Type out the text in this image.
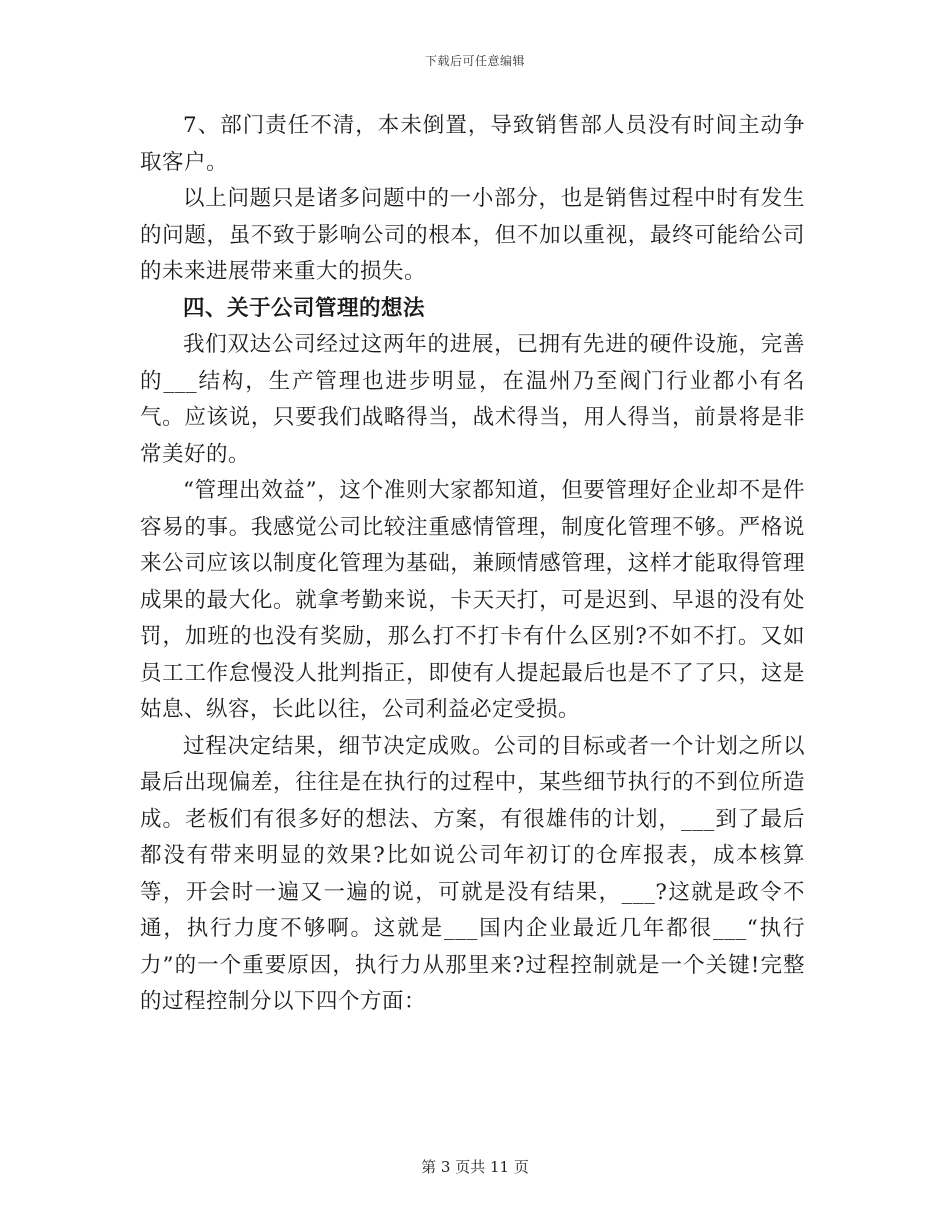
下载后可任意编辑

7、部门责任不清，本未倒置，导致销售部人员没有时间主动争取客户。

以上问题只是诸多问题中的一小部分，也是销售过程中时有发生的问题，虽不致于影响公司的根本，但不加以重视，最终可能给公司的未来进展带来重大的损失。

四、关于公司管理的想法

我们双达公司经过这两年的进展，已拥有先进的硬件设施，完善的___结构，生产管理也进步明显，在温州乃至阀门行业都小有名气。应该说，只要我们战略得当，战术得当，用人得当，前景将是非常美好的。

“管理出效益”，这个准则大家都知道，但要管理好企业却不是件容易的事。我感觉公司比较注重感情管理，制度化管理不够。严格说来公司应该以制度化管理为基础，兼顾情感管理，这样才能取得管理成果的最大化。就拿考勤来说，卡天天打，可是迟到、早退的没有处罚，加班的也没有奖励，那么打不打卡有什么区别?不如不打。又如员工工作怠慢没人批判指正，即使有人提起最后也是不了了只，这是姑息、纵容，长此以往，公司利益必定受损。

过程决定结果，细节决定成败。公司的目标或者一个计划之所以最后出现偏差，往往是在执行的过程中，某些细节执行的不到位所造成。老板们有很多好的想法、方案，有很雄伟的计划，___到了最后都没有带来明显的效果?比如说公司年初订的仓库报表，成本核算等，开会时一遍又一遍的说，可就是没有结果，___?这就是政令不通，执行力度不够啊。这就是___国内企业最近几年都很___“执行力”的一个重要原因，执行力从那里来?过程控制就是一个关键!完整的过程控制分以下四个方面：

第 3 页共 11 页
